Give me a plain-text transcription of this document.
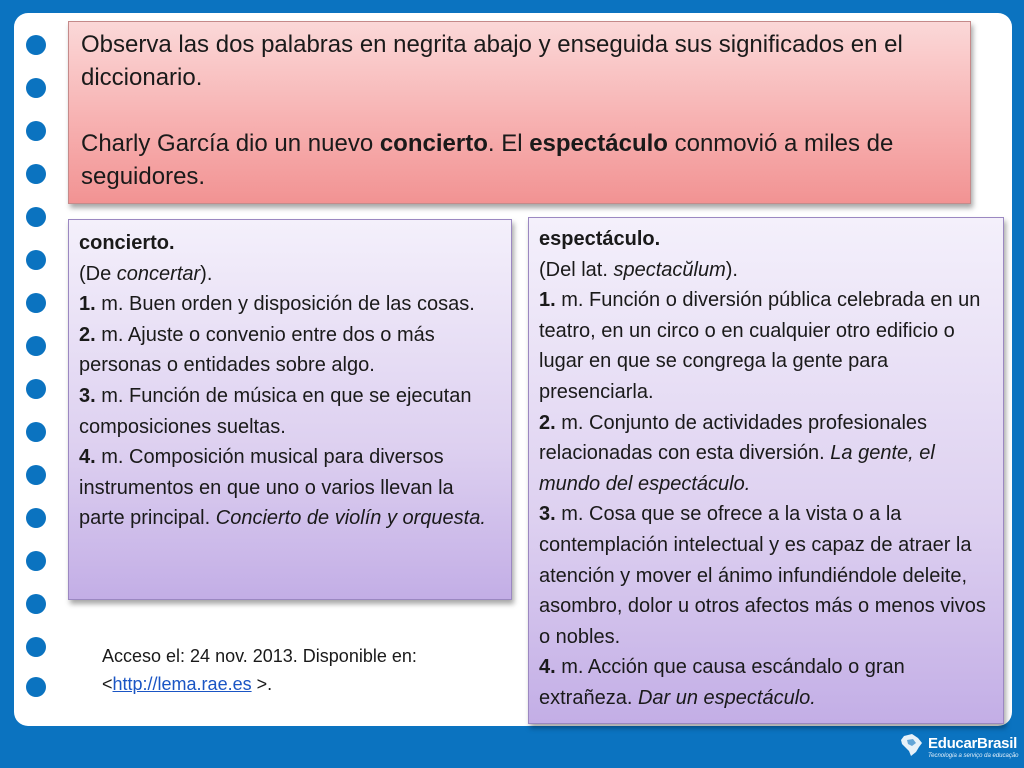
Observa las dos palabras en negrita abajo y enseguida sus significados en el diccionario.

Charly García dio un nuevo concierto. El espectáculo conmovió a miles de seguidores.

concierto.
(De concertar).
1. m. Buen orden y disposición de las cosas.
2. m. Ajuste o convenio entre dos o más personas o entidades sobre algo.
3. m. Función de música en que se ejecutan composiciones sueltas.
4. m. Composición musical para diversos instrumentos en que uno o varios llevan la parte principal. Concierto de violín y orquesta.
espectáculo.
(Del lat. spectacŭlum).
1. m. Función o diversión pública celebrada en un teatro, en un circo o en cualquier otro edificio o lugar en que se congrega la gente para presenciarla.
2. m. Conjunto de actividades profesionales relacionadas con esta diversión. La gente, el mundo del espectáculo.
3. m. Cosa que se ofrece a la vista o a la contemplación intelectual y es capaz de atraer la atención y mover el ánimo infundiéndole deleite, asombro, dolor u otros afectos más o menos vivos o nobles.
4. m. Acción que causa escándalo o gran extrañeza. Dar un espectáculo.
Acceso el: 24 nov. 2013. Disponible en:
<http://lema.rae.es >.
EducarBrasil
Tecnologia a serviço da educação
